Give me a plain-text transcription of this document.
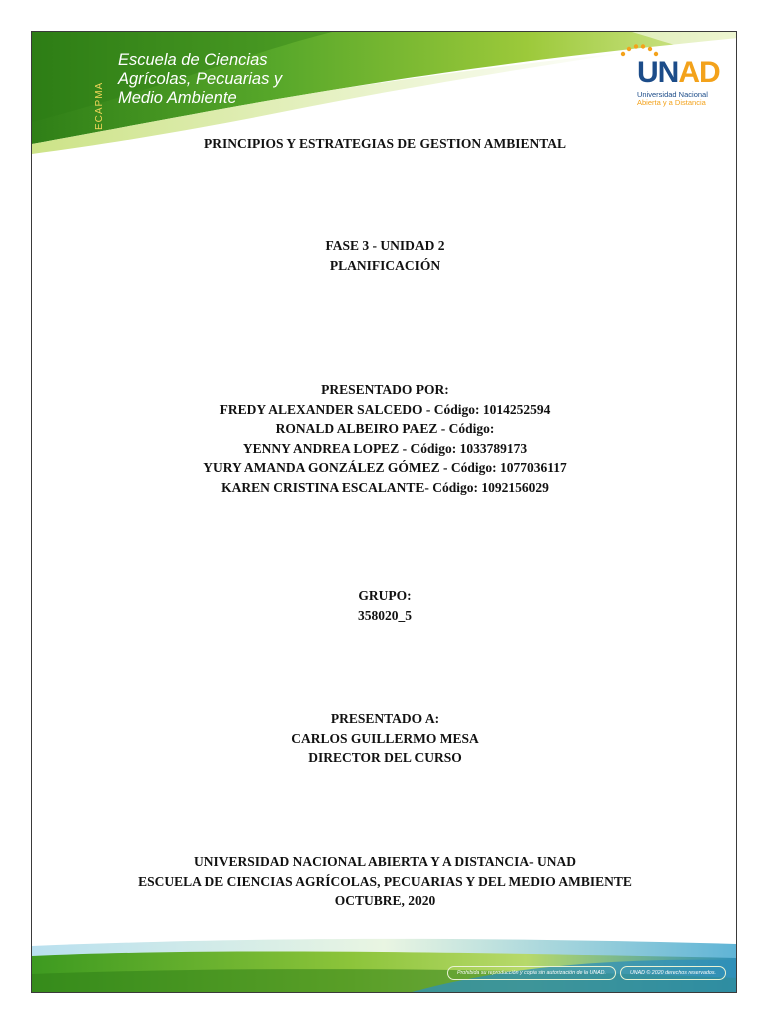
ECAPMA
Escuela de Ciencias
Agrícolas, Pecuarias y
Medio Ambiente
UNAD
Universidad Nacional
Abierta y a Distancia
PRINCIPIOS Y ESTRATEGIAS DE GESTION AMBIENTAL
FASE 3 - UNIDAD 2
PLANIFICACIÓN
PRESENTADO POR:
FREDY ALEXANDER SALCEDO - Código: 1014252594
RONALD ALBEIRO PAEZ - Código:
YENNY ANDREA LOPEZ - Código: 1033789173
YURY AMANDA GONZÁLEZ GÓMEZ - Código: 1077036117
KAREN CRISTINA ESCALANTE- Código: 1092156029
GRUPO:
358020_5
PRESENTADO A:
CARLOS GUILLERMO MESA
DIRECTOR DEL CURSO
UNIVERSIDAD NACIONAL ABIERTA Y A DISTANCIA- UNAD
ESCUELA DE CIENCIAS AGRÍCOLAS, PECUARIAS Y DEL MEDIO AMBIENTE
OCTUBRE, 2020
Prohibida su reproducción y copia sin autorización de la UNAD.	UNAD © 2020 derechos reservados.
